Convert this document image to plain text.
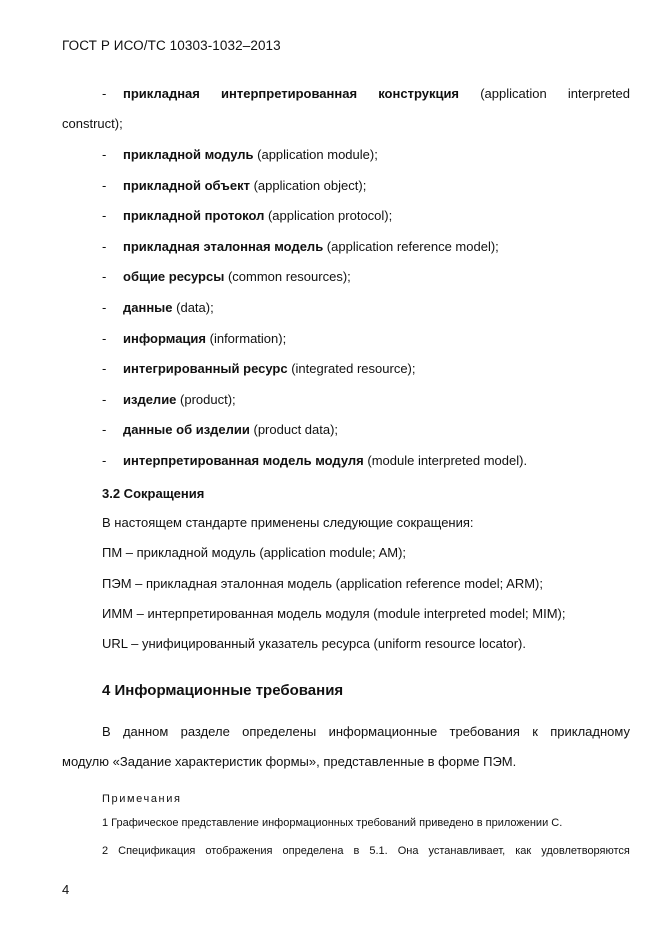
ГОСТ Р ИСО/ТС 10303-1032–2013
- прикладная интерпретированная конструкция (application interpreted
construct);
- прикладной модуль (application module);
- прикладной объект (application object);
- прикладной протокол (application protocol);
- прикладная эталонная модель (application reference model);
- общие ресурсы (common resources);
- данные (data);
- информация (information);
- интегрированный ресурс (integrated resource);
- изделие (product);
- данные об изделии (product data);
- интерпретированная модель модуля (module interpreted model).
3.2 Сокращения
В настоящем стандарте применены следующие сокращения:
ПМ – прикладной модуль (application module; AM);
ПЭМ – прикладная эталонная модель (application reference model; ARM);
ИММ – интерпретированная модель модуля (module interpreted model; MIM);
URL – унифицированный указатель ресурса (uniform resource locator).
4 Информационные требования
В данном разделе определены информационные требования к прикладному
модулю «Задание характеристик формы», представленные в форме ПЭМ.
Примечания
1 Графическое представление информационных требований приведено в приложении C.
2 Спецификация отображения определена в 5.1. Она устанавливает, как удовлетворяются
4
